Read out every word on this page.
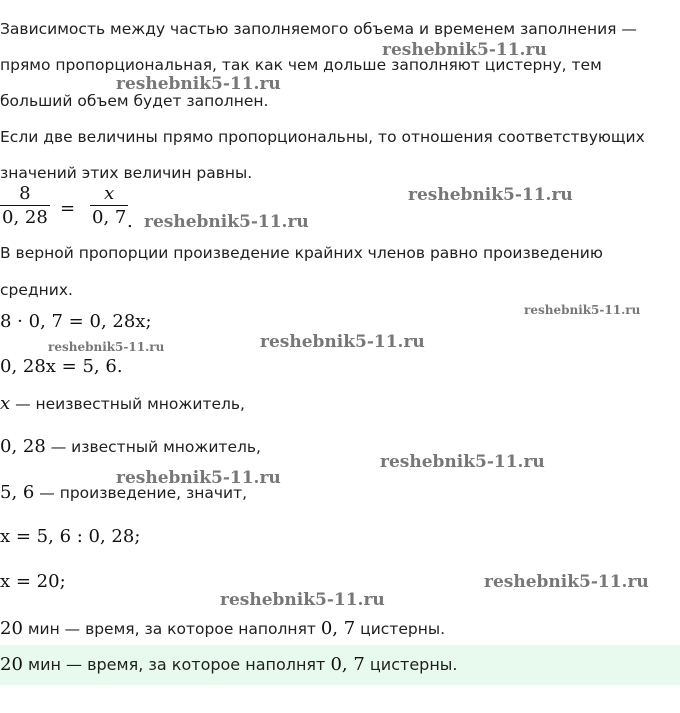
Зависимость между частью заполняемого объема и временем заполнения —
прямо пропорциональная, так как чем дольше заполняют цистерну, тем
больший объем будет заполнен.
Если две величины прямо пропорциональны, то отношения соответствующих
значений этих величин равны.
8
0, 28 =
x
0, 7 .
В верной пропорции произведение крайних членов равно произведению
средних.
8 · 0, 7 = 0, 28x;
0, 28x = 5, 6.
x — неизвестный множитель,
0, 28 — известный множитель,
5, 6 — произведение, значит,
x = 5, 6 : 0, 28;
x = 20;
20 мин — время, за которое наполнят 0, 7 цистерны.
20 мин — время, за которое наполнят 0, 7 цистерны.
reshebnik5-11.ru
reshebnik5-11.ru
reshebnik5-11.ru
reshebnik5-11.ru
reshebnik5-11.ru
reshebnik5-11.ru	reshebnik5-11.ru
reshebnik5-11.ru
reshebnik5-11.ru
reshebnik5-11.ru
reshebnik5-11.ru
